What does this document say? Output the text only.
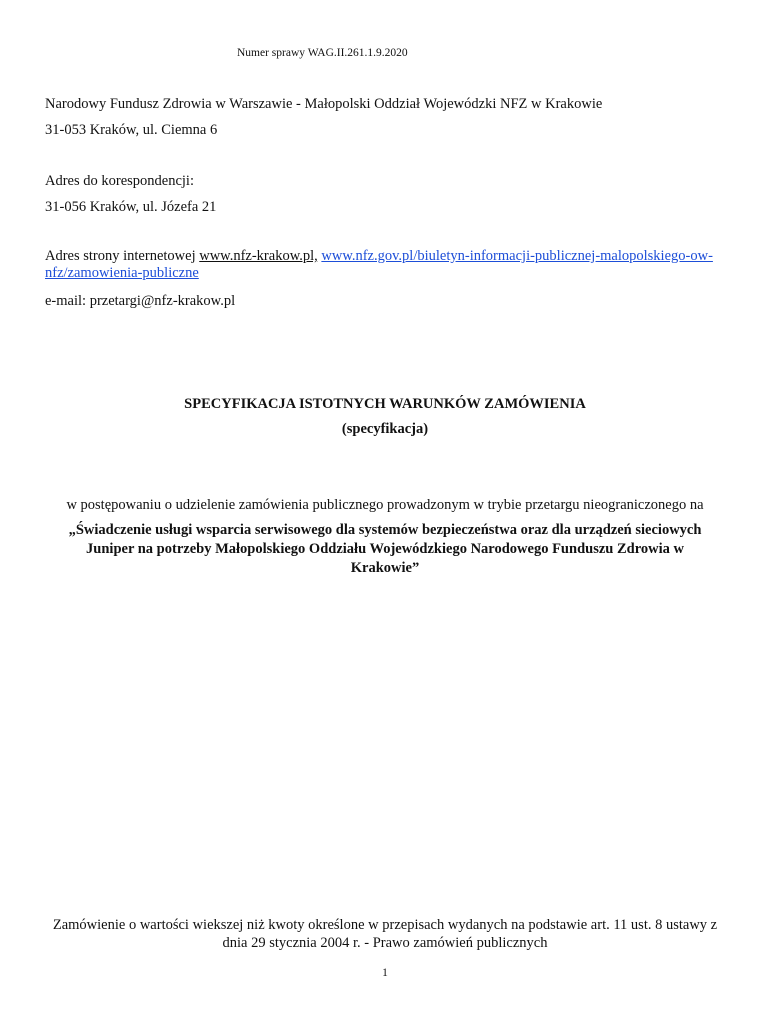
Numer sprawy WAG.II.261.1.9.2020
Narodowy Fundusz Zdrowia w Warszawie - Małopolski Oddział Wojewódzki NFZ w Krakowie
31-053 Kraków, ul. Ciemna 6
Adres do korespondencji:
31-056 Kraków, ul. Józefa 21
Adres strony internetowej www.nfz-krakow.pl, www.nfz.gov.pl/biuletyn-informacji-publicznej-malopolskiego-ow-nfz/zamowienia-publiczne
e-mail: przetargi@nfz-krakow.pl
SPECYFIKACJA ISTOTNYCH WARUNKÓW ZAMÓWIENIA
(specyfikacja)
w postępowaniu o udzielenie zamówienia publicznego prowadzonym w trybie przetargu nieograniczonego na
„Świadczenie usługi wsparcia serwisowego dla systemów bezpieczeństwa oraz dla urządzeń sieciowych Juniper na potrzeby Małopolskiego Oddziału Wojewódzkiego Narodowego Funduszu Zdrowia w Krakowie”
Zamówienie o wartości wiekszej niż kwoty określone w przepisach wydanych na podstawie art. 11 ust. 8 ustawy z dnia 29 stycznia 2004 r. - Prawo zamówień publicznych
1
